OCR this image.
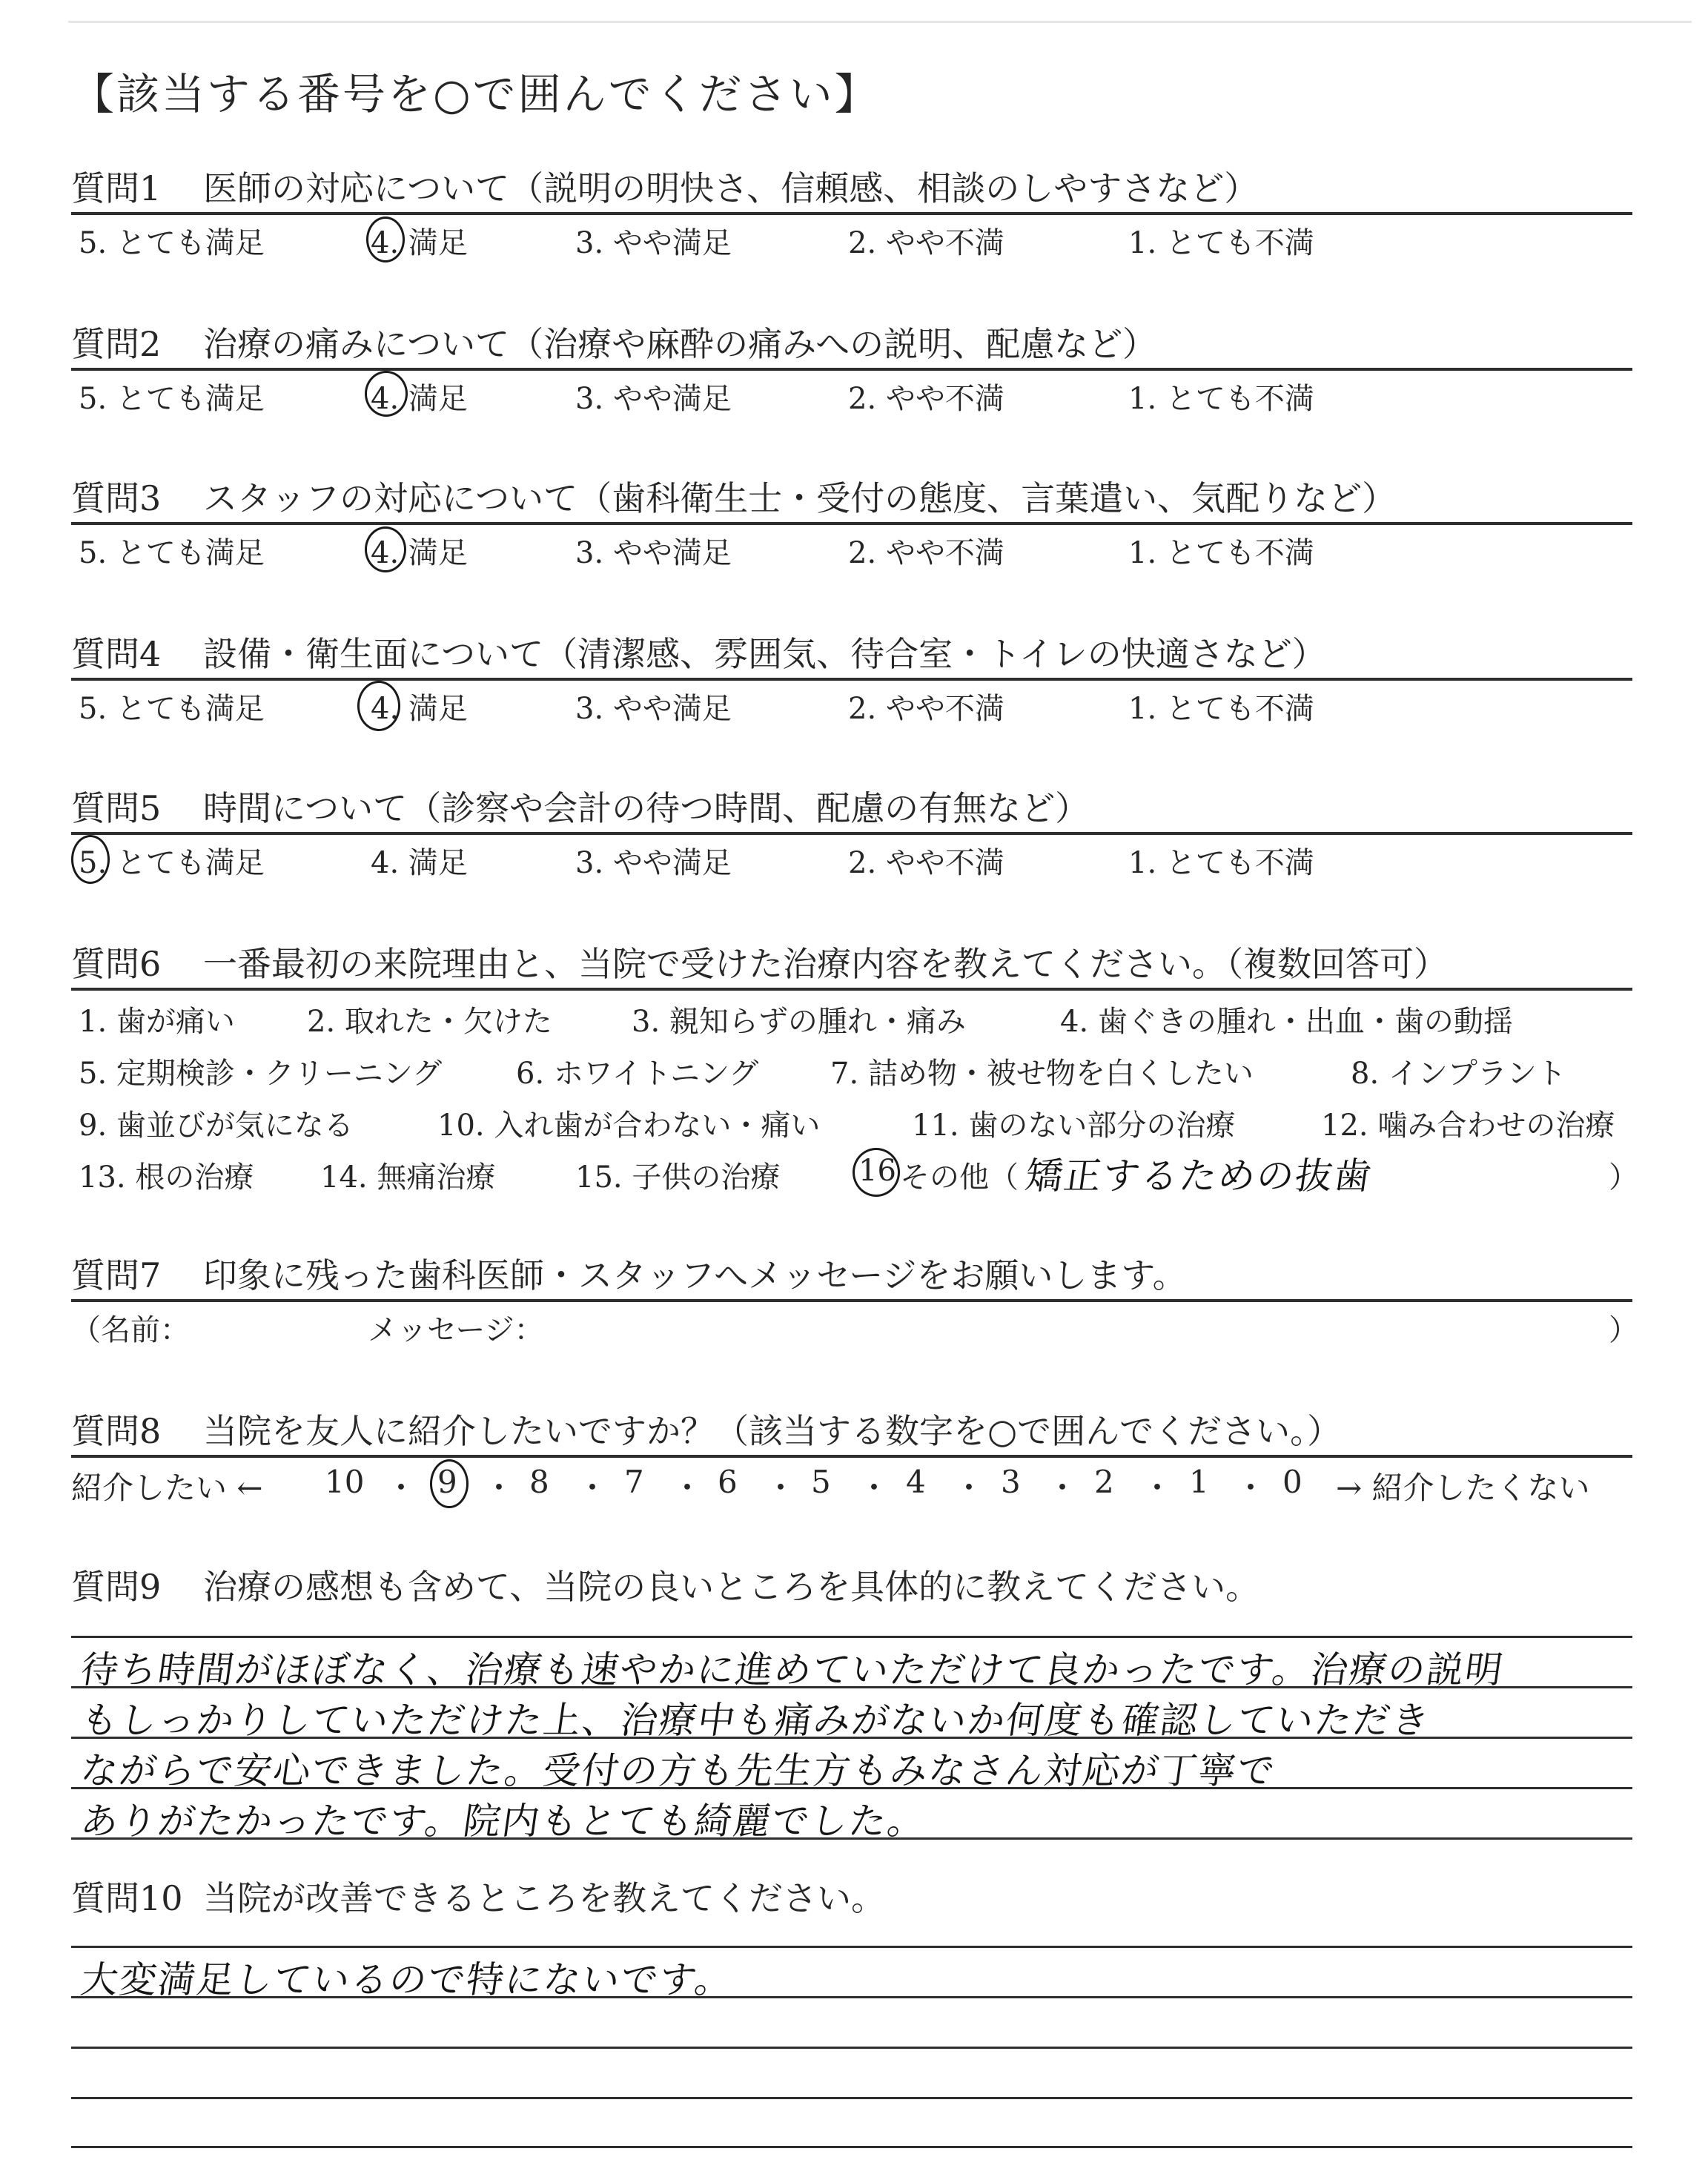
【該当する番号を○で囲んでください】
質問1 医師の対応について（説明の明快さ、信頼感、相談のしやすさなど）
5. とても満足	4. 満足	3. やや満足	2. やや不満	1. とても不満
質問2 治療の痛みについて（治療や麻酔の痛みへの説明、配慮など）
5. とても満足	4. 満足	3. やや満足	2. やや不満	1. とても不満
質問3 スタッフの対応について（歯科衛生士・受付の態度、言葉遣い、気配りなど）
5. とても満足	4. 満足	3. やや満足	2. やや不満	1. とても不満
質問4 設備・衛生面について（清潔感、雰囲気、待合室・トイレの快適さなど）
5. とても満足	4. 満足	3. やや満足	2. やや不満	1. とても不満
質問5 時間について（診察や会計の待つ時間、配慮の有無など）
5. とても満足	4. 満足	3. やや満足	2. やや不満	1. とても不満
質問6 一番最初の来院理由と、当院で受けた治療内容を教えてください。（複数回答可）
1. 歯が痛い 2. 取れた・欠けた	3. 親知らずの腫れ・痛み	4. 歯ぐきの腫れ・出血・歯の動揺
5. 定期検診・クリーニング 6. ホワイトニング 7. 詰め物・被せ物を白くしたい	8. インプラント
9. 歯並びが気になる	10. 入れ歯が合わない・痛い	11. 歯のない部分の治療	12. 噛み合わせの治療
13. 根の治療 14. 無痛治療	15. 子供の治療	16 その他（ 矯正するための抜歯	）
質問7 印象に残った歯科医師・スタッフへメッセージをお願いします。
（名前：	メッセージ：	）
質問8 当院を友人に紹介したいですか？（該当する数字を○で囲んでください。）
紹介したい ← 10 ・ 9 ・ 8 ・ 7 ・ 6 ・ 5 ・ 4 ・ 3 ・ 2 ・ 1 ・ 0 → 紹介したくない
質問9 治療の感想も含めて、当院の良いところを具体的に教えてください。
待ち時間がほぼなく、治療も速やかに進めていただけて良かったです。治療の説明
もしっかりしていただけた上、治療中も痛みがないか何度も確認していただき
ながらで安心できました。受付の方も先生方もみなさん対応が丁寧で
ありがたかったです。院内もとても綺麗でした。
質問10 当院が改善できるところを教えてください。
大変満足しているので特にないです。
